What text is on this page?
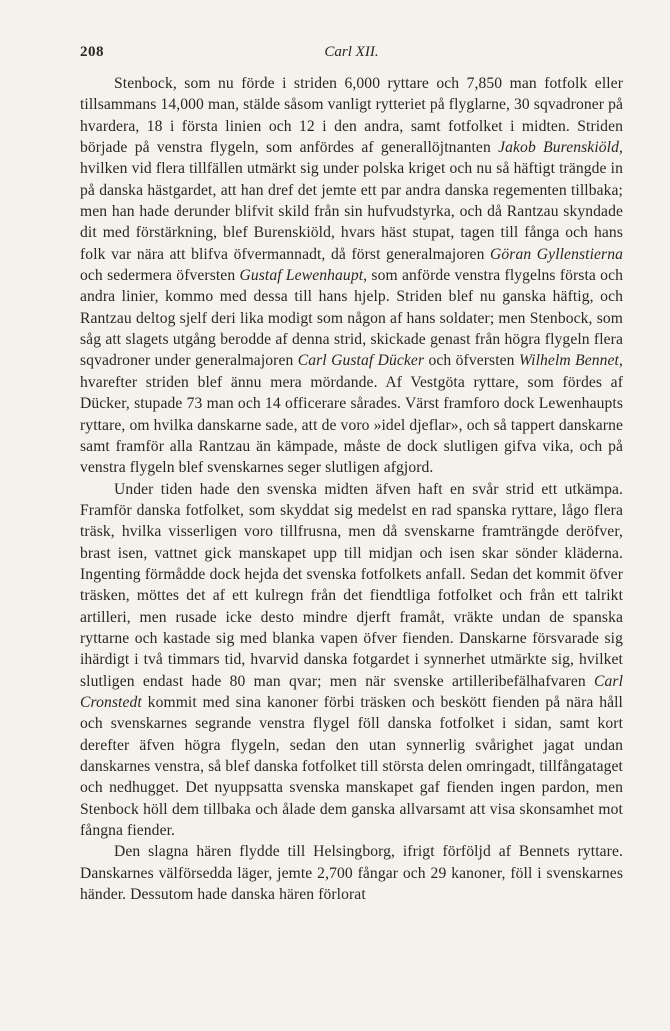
208	Carl XII.

Stenbock, som nu förde i striden 6,000 ryttare och 7,850 man fotfolk eller tillsammans 14,000 man, stälde såsom vanligt rytteriet på flyglarne, 30 sqvadroner på hvardera, 18 i första linien och 12 i den andra, samt fotfolket i midten. Striden började på venstra flygeln, som anfördes af generallöjtnanten Jakob Burenskiöld, hvilken vid flera tillfällen utmärkt sig under polska kriget och nu så häftigt trängde in på danska hästgardet, att han dref det jemte ett par andra danska regementen tillbaka; men han hade derunder blifvit skild från sin hufvudstyrka, och då Rantzau skyndade dit med förstärkning, blef Burenskiöld, hvars häst stupat, tagen till fånga och hans folk var nära att blifva öfvermannadt, då först generalmajoren Göran Gyllenstierna och sedermera öfversten Gustaf Lewenhaupt, som anförde venstra flygelns första och andra linier, kommo med dessa till hans hjelp. Striden blef nu ganska häftig, och Rantzau deltog sjelf deri lika modigt som någon af hans soldater; men Stenbock, som såg att slagets utgång berodde af denna strid, skickade genast från högra flygeln flera sqvadroner under generalmajoren Carl Gustaf Dücker och öfversten Wilhelm Bennet, hvarefter striden blef ännu mera mördande. Af Vestgöta ryttare, som fördes af Dücker, stupade 73 man och 14 officerare sårades. Värst framforo dock Lewenhaupts ryttare, om hvilka danskarne sade, att de voro »idel djeflar», och så tappert danskarne samt framför alla Rantzau än kämpade, måste de dock slutligen gifva vika, och på venstra flygeln blef svenskarnes seger slutligen afgjord.

Under tiden hade den svenska midten äfven haft en svår strid ett utkämpa. Framför danska fotfolket, som skyddat sig medelst en rad spanska ryttare, lågo flera träsk, hvilka visserligen voro tillfrusna, men då svenskarne framträngde deröfver, brast isen, vattnet gick manskapet upp till midjan och isen skar sönder kläderna. Ingenting förmådde dock hejda det svenska fotfolkets anfall. Sedan det kommit öfver träsken, möttes det af ett kulregn från det fiendtliga fotfolket och från ett talrikt artilleri, men rusade icke desto mindre djerft framåt, vräkte undan de spanska ryttarne och kastade sig med blanka vapen öfver fienden. Danskarne försvarade sig ihärdigt i två timmars tid, hvarvid danska fotgardet i synnerhet utmärkte sig, hvilket slutligen endast hade 80 man qvar; men när svenske artilleribefälhafvaren Carl Cronstedt kommit med sina kanoner förbi träsken och beskött fienden på nära håll och svenskarnes segrande venstra flygel föll danska fotfolket i sidan, samt kort derefter äfven högra flygeln, sedan den utan synnerlig svårighet jagat undan danskarnes venstra, så blef danska fotfolket till största delen omringadt, tillfångataget och nedhugget. Det nyuppsatta svenska manskapet gaf fienden ingen pardon, men Stenbock höll dem tillbaka och ålade dem ganska allvarsamt att visa skonsamhet mot fångna fiender.

Den slagna hären flydde till Helsingborg, ifrigt förföljd af Bennets ryttare. Danskarnes välförsedda läger, jemte 2,700 fångar och 29 kanoner, föll i svenskarnes händer. Dessutom hade danska hären förlorat
